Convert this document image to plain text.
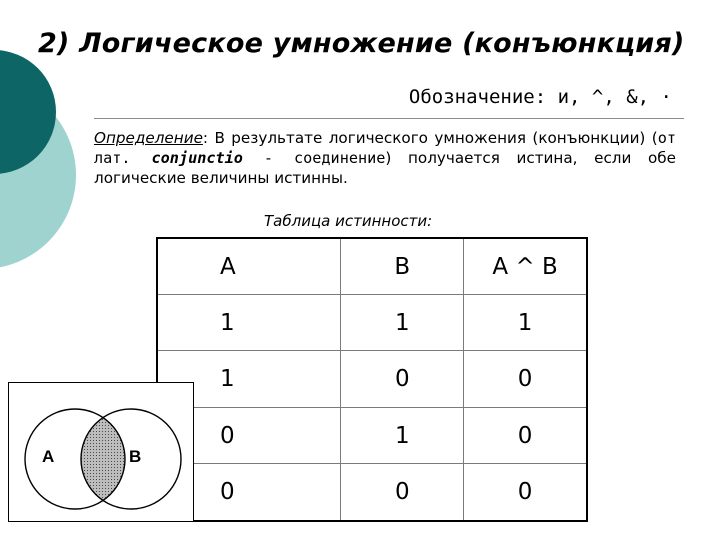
2) Логическое умножение (конъюнкция)
Обозначение: и, ^, &, ·

Определение: В результате логического умножения (конъюнкции) (от лат. conjunctio - соединение) получается истина, если обе логические величины истинны.

Таблица истинности:
A	B	A ^ B
1	1	1
1	0	0
0	1	0
0	0	0
A	B
